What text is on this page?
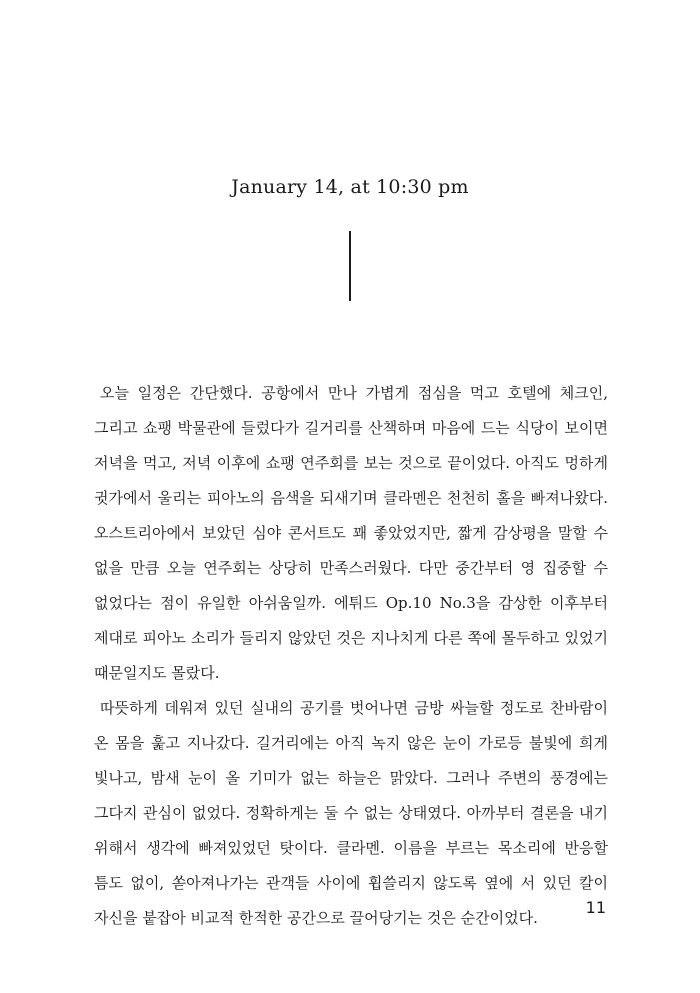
January 14, at 10:30 pm

오늘 일정은 간단했다. 공항에서 만나 가볍게 점심을 먹고 호텔에 체크인, 그리고 쇼팽 박물관에 들렀다가 길거리를 산책하며 마음에 드는 식당이 보이면 저녁을 먹고, 저녁 이후에 쇼팽 연주회를 보는 것으로 끝이었다. 아직도 멍하게 귓가에서 울리는 피아노의 음색을 되새기며 클라멘은 천천히 홀을 빠져나왔다. 오스트리아에서 보았던 심야 콘서트도 꽤 좋았었지만, 짧게 감상평을 말할 수 없을 만큼 오늘 연주회는 상당히 만족스러웠다. 다만 중간부터 영 집중할 수 없었다는 점이 유일한 아쉬움일까. 에튀드 Op.10 No.3을 감상한 이후부터 제대로 피아노 소리가 들리지 않았던 것은 지나치게 다른 쪽에 몰두하고 있었기 때문일지도 몰랐다.

따뜻하게 데워져 있던 실내의 공기를 벗어나면 금방 싸늘할 정도로 찬바람이 온 몸을 훑고 지나갔다. 길거리에는 아직 녹지 않은 눈이 가로등 불빛에 희게 빛나고, 밤새 눈이 올 기미가 없는 하늘은 맑았다. 그러나 주변의 풍경에는 그다지 관심이 없었다. 정확하게는 둘 수 없는 상태였다. 아까부터 결론을 내기 위해서 생각에 빠져있었던 탓이다. 클라멘. 이름을 부르는 목소리에 반응할 틈도 없이, 쏟아져나가는 관객들 사이에 휩쓸리지 않도록 옆에 서 있던 칼이 자신을 붙잡아 비교적 한적한 공간으로 끌어당기는 것은 순간이었다.

11
